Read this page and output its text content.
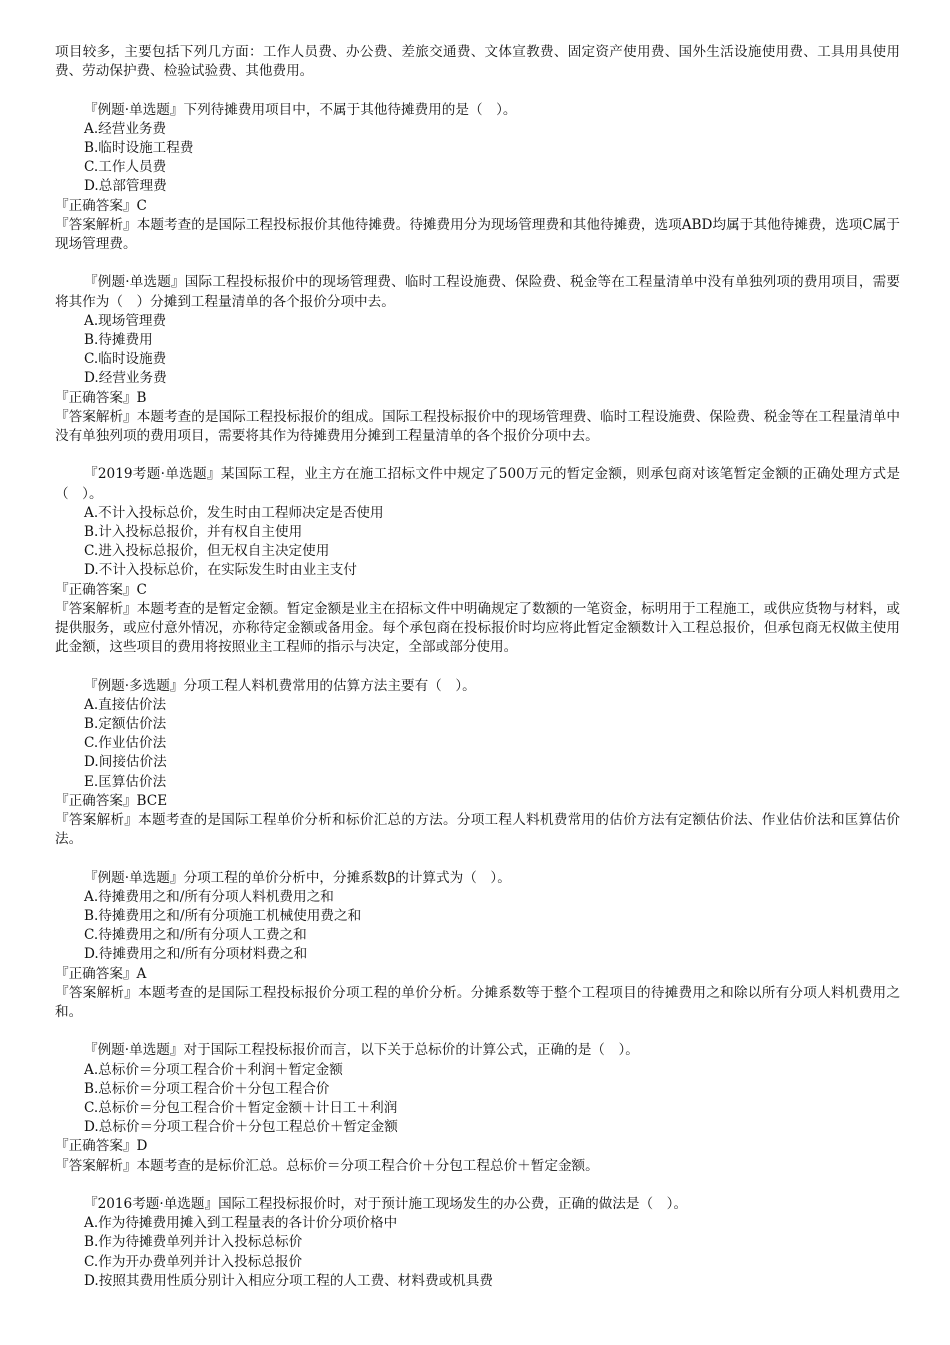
项目较多，主要包括下列几方面：工作人员费、办公费、差旅交通费、文体宣教费、固定资产使用费、国外生活设施使用费、工具用具使用费、劳动保护费、检验试验费、其他费用。

『例题·单选题』下列待摊费用项目中，不属于其他待摊费用的是（　）。
A.经营业务费
B.临时设施工程费
C.工作人员费
D.总部管理费
『正确答案』C
『答案解析』本题考查的是国际工程投标报价其他待摊费。待摊费用分为现场管理费和其他待摊费，选项ABD均属于其他待摊费，选项C属于现场管理费。
『例题·单选题』国际工程投标报价中的现场管理费、临时工程设施费、保险费、税金等在工程量清单中没有单独列项的费用项目，需要将其作为（　）分摊到工程量清单的各个报价分项中去。
A.现场管理费
B.待摊费用
C.临时设施费
D.经营业务费
『正确答案』B
『答案解析』本题考查的是国际工程投标报价的组成。国际工程投标报价中的现场管理费、临时工程设施费、保险费、税金等在工程量清单中没有单独列项的费用项目，需要将其作为待摊费用分摊到工程量清单的各个报价分项中去。
『2019考题·单选题』某国际工程，业主方在施工招标文件中规定了500万元的暂定金额，则承包商对该笔暂定金额的正确处理方式是（　）。
A.不计入投标总价，发生时由工程师决定是否使用
B.计入投标总报价，并有权自主使用
C.进入投标总报价，但无权自主决定使用
D.不计入投标总价，在实际发生时由业主支付
『正确答案』C
『答案解析』本题考查的是暂定金额。暂定金额是业主在招标文件中明确规定了数额的一笔资金，标明用于工程施工，或供应货物与材料，或提供服务，或应付意外情况，亦称待定金额或备用金。每个承包商在投标报价时均应将此暂定金额数计入工程总报价，但承包商无权做主使用此金额，这些项目的费用将按照业主工程师的指示与决定，全部或部分使用。
『例题·多选题』分项工程人料机费常用的估算方法主要有（　）。
A.直接估价法
B.定额估价法
C.作业估价法
D.间接估价法
E.匡算估价法
『正确答案』BCE
『答案解析』本题考查的是国际工程单价分析和标价汇总的方法。分项工程人料机费常用的估价方法有定额估价法、作业估价法和匡算估价法。
『例题·单选题』分项工程的单价分析中，分摊系数β的计算式为（　）。
A.待摊费用之和/所有分项人料机费用之和
B.待摊费用之和/所有分项施工机械使用费之和
C.待摊费用之和/所有分项人工费之和
D.待摊费用之和/所有分项材料费之和
『正确答案』A
『答案解析』本题考查的是国际工程投标报价分项工程的单价分析。分摊系数等于整个工程项目的待摊费用之和除以所有分项人料机费用之和。
『例题·单选题』对于国际工程投标报价而言，以下关于总标价的计算公式，正确的是（　）。
A.总标价＝分项工程合价＋利润＋暂定金额
B.总标价＝分项工程合价＋分包工程合价
C.总标价＝分包工程合价＋暂定金额＋计日工＋利润
D.总标价＝分项工程合价＋分包工程总价＋暂定金额
『正确答案』D
『答案解析』本题考查的是标价汇总。总标价＝分项工程合价＋分包工程总价＋暂定金额。
『2016考题·单选题』国际工程投标报价时，对于预计施工现场发生的办公费，正确的做法是（　）。
A.作为待摊费用摊入到工程量表的各计价分项价格中
B.作为待摊费单列并计入投标总标价
C.作为开办费单列并计入投标总报价
D.按照其费用性质分别计入相应分项工程的人工费、材料费或机具费
